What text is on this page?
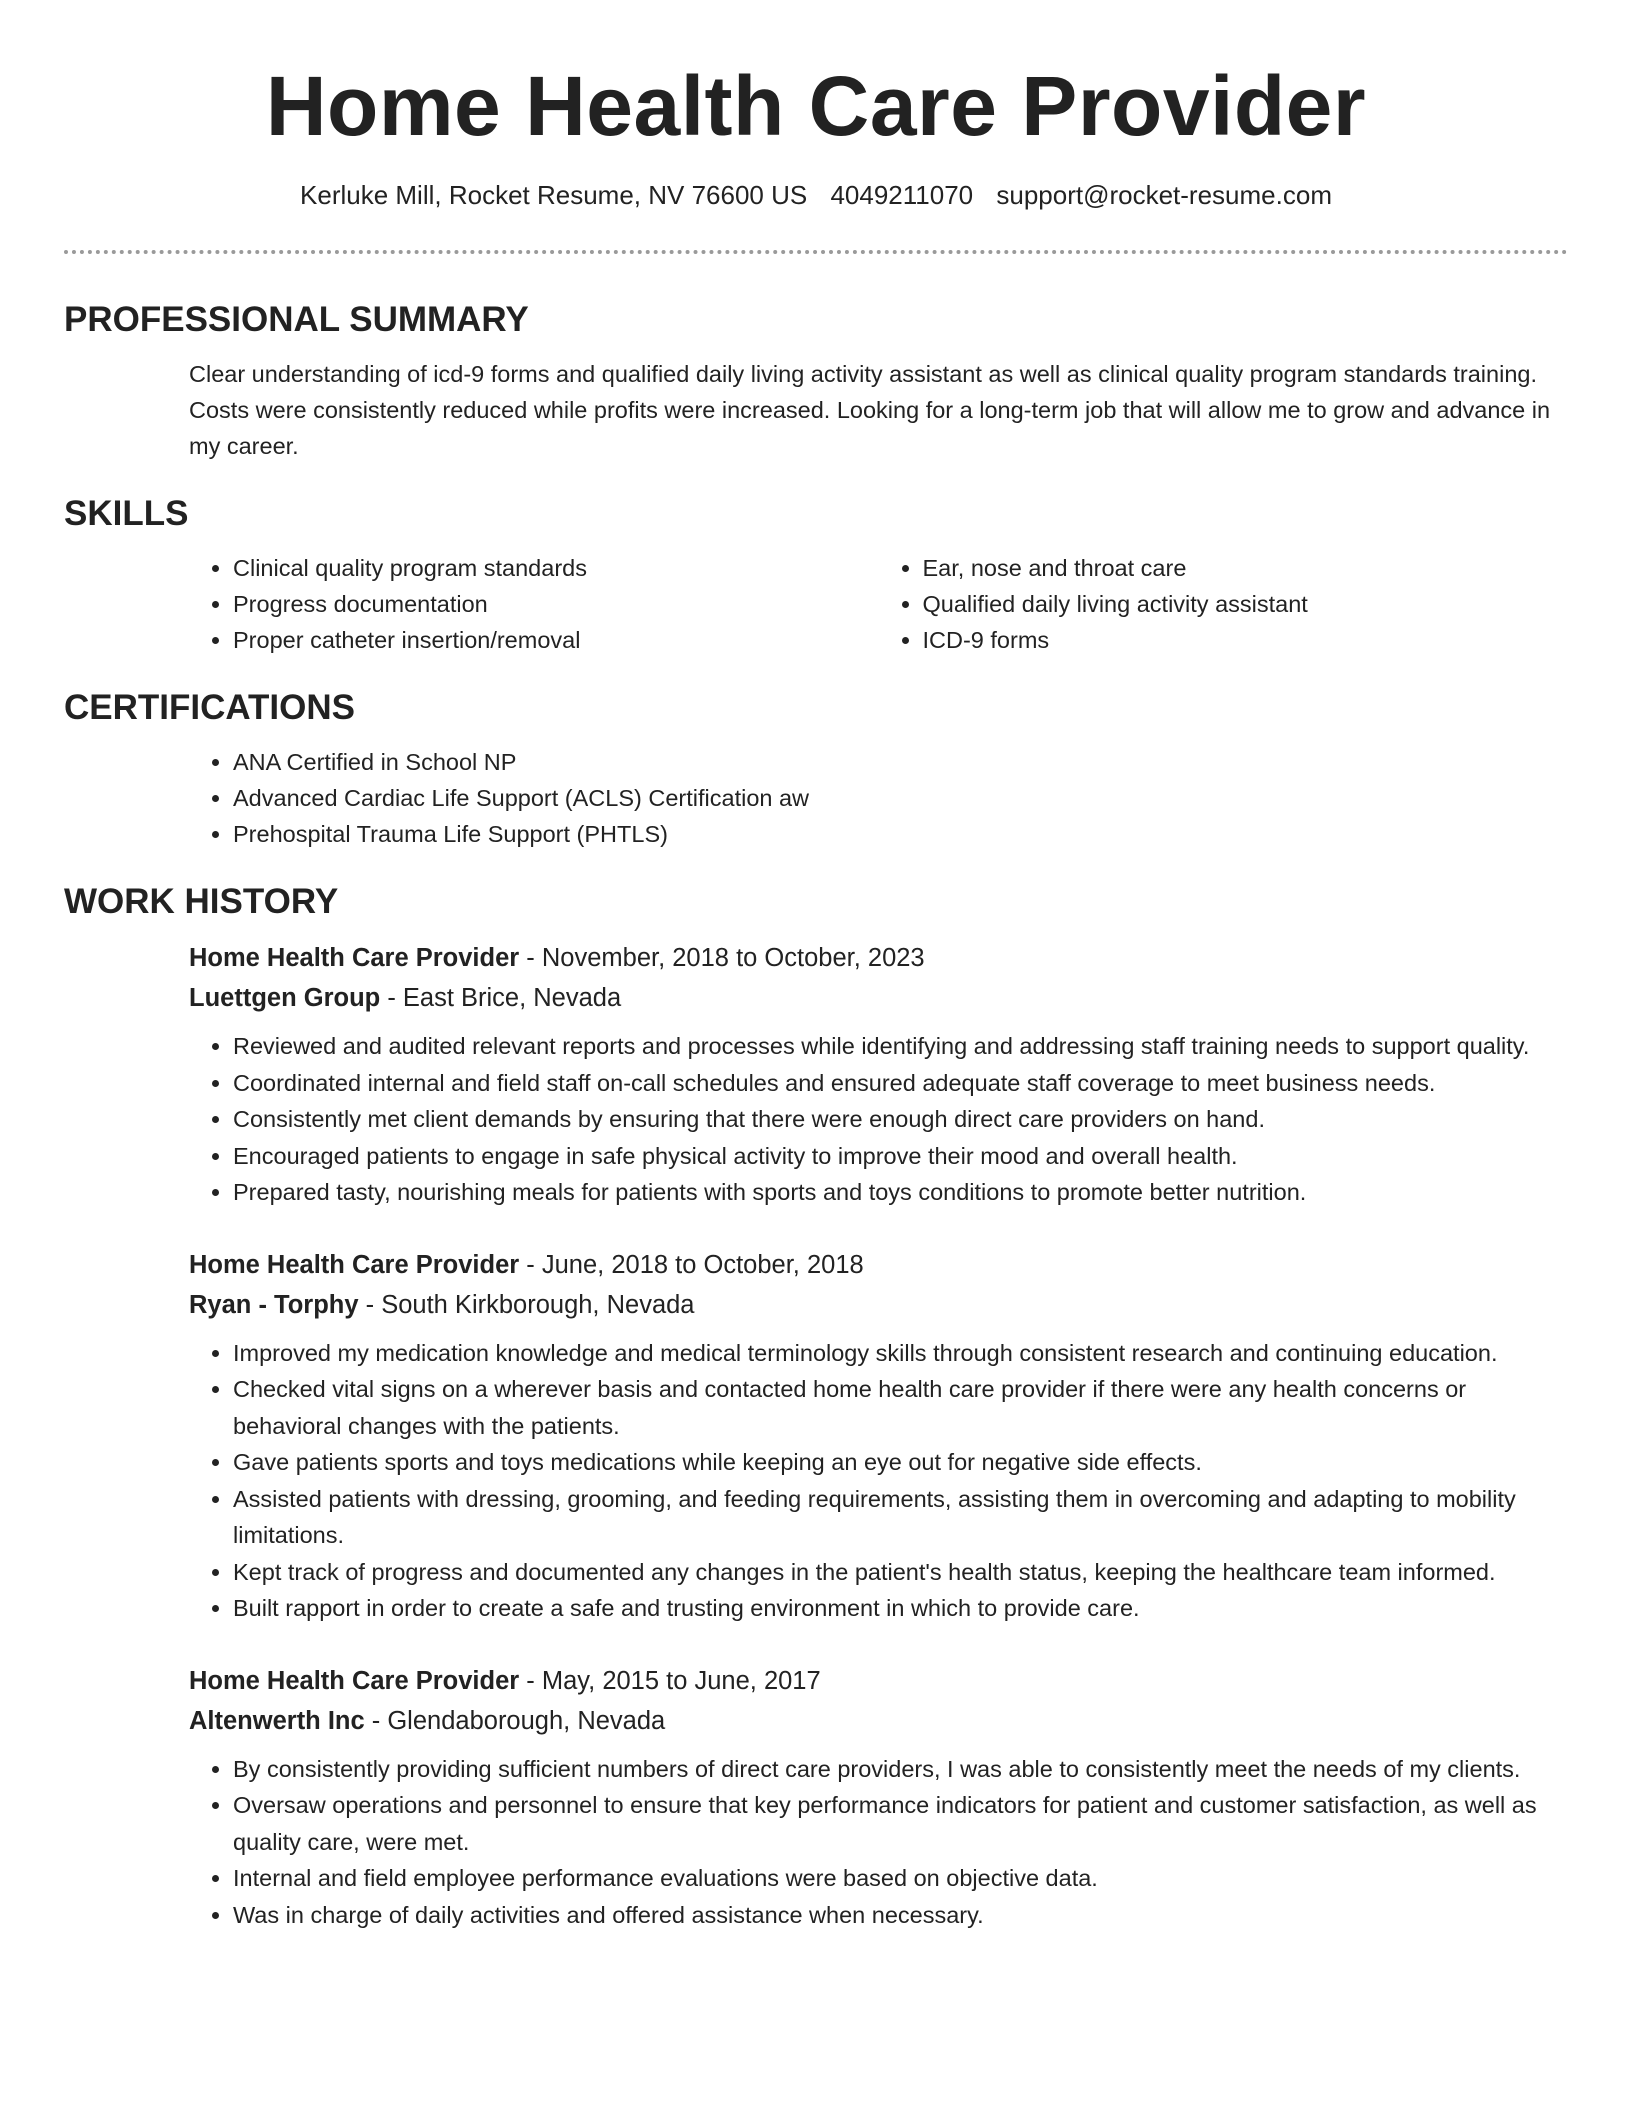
Home Health Care Provider
Kerluke Mill, Rocket Resume, NV 76600 US 4049211070 support@rocket-resume.com
PROFESSIONAL SUMMARY

Clear understanding of icd-9 forms and qualified daily living activity assistant as well as clinical quality program standards training. Costs were consistently reduced while profits were increased. Looking for a long-term job that will allow me to grow and advance in my career.

SKILLS
• Clinical quality program standards
• Progress documentation
• Proper catheter insertion/removal
• Ear, nose and throat care
• Qualified daily living activity assistant
• ICD-9 forms
CERTIFICATIONS
• ANA Certified in School NP
• Advanced Cardiac Life Support (ACLS) Certification aw
• Prehospital Trauma Life Support (PHTLS)
WORK HISTORY
Home Health Care Provider - November, 2018 to October, 2023
Luettgen Group - East Brice, Nevada
• Reviewed and audited relevant reports and processes while identifying and addressing staff training needs to support quality.
• Coordinated internal and field staff on-call schedules and ensured adequate staff coverage to meet business needs.
• Consistently met client demands by ensuring that there were enough direct care providers on hand.
• Encouraged patients to engage in safe physical activity to improve their mood and overall health.
• Prepared tasty, nourishing meals for patients with sports and toys conditions to promote better nutrition.
Home Health Care Provider - June, 2018 to October, 2018
Ryan - Torphy - South Kirkborough, Nevada
• Improved my medication knowledge and medical terminology skills through consistent research and continuing education.
• Checked vital signs on a wherever basis and contacted home health care provider if there were any health concerns or behavioral changes with the patients.
• Gave patients sports and toys medications while keeping an eye out for negative side effects.
• Assisted patients with dressing, grooming, and feeding requirements, assisting them in overcoming and adapting to mobility limitations.
• Kept track of progress and documented any changes in the patient's health status, keeping the healthcare team informed.
• Built rapport in order to create a safe and trusting environment in which to provide care.
Home Health Care Provider - May, 2015 to June, 2017
Altenwerth Inc - Glendaborough, Nevada
• By consistently providing sufficient numbers of direct care providers, I was able to consistently meet the needs of my clients.
• Oversaw operations and personnel to ensure that key performance indicators for patient and customer satisfaction, as well as quality care, were met.
• Internal and field employee performance evaluations were based on objective data.
• Was in charge of daily activities and offered assistance when necessary.
